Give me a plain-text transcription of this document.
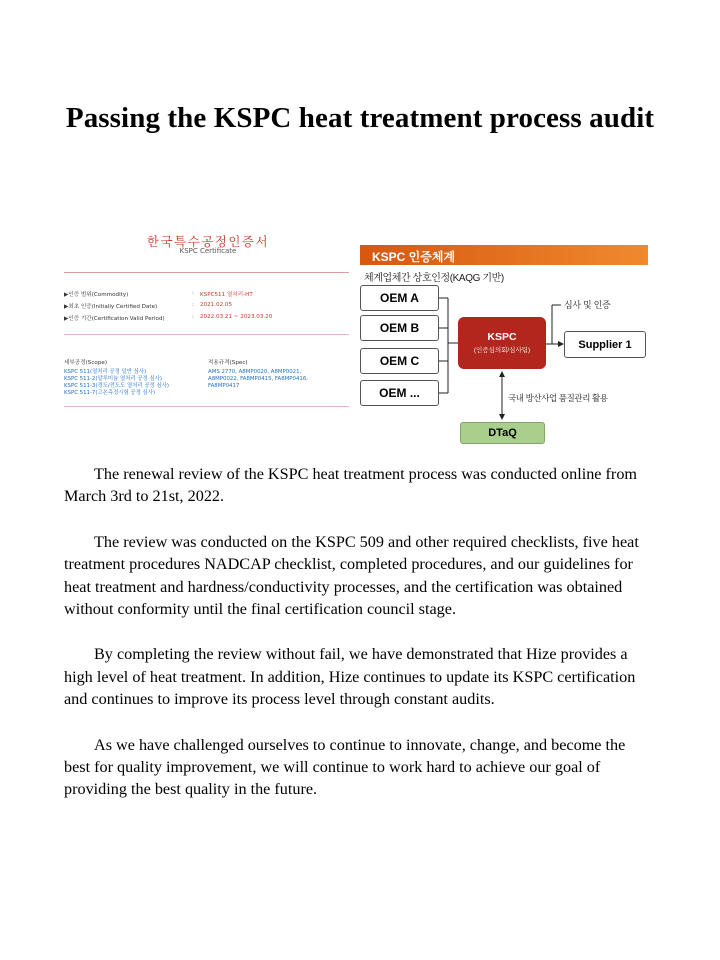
Passing the KSPC heat treatment process audit
한국특수공정인증서
KSPC Certificate
▶인증 범위(Commodity)	: KSPC511 열처리-HT
▶최초 인증(Initially Certified Date)	: 2021.02.05
▶인증 기간(Certification Valid Period)	: 2022.03.21 ~ 2023.03.20
세부공정(Scope)
KSPC 511(열처리 공정 일반 심사)
KSPC 511-2(알루미늄 열처리 공정 심사)
KSPC 511-3(경도/전도도 열처리 공정 심사)
KSPC 511-7(고온측정시험 공정 심사)
적용규격(Spec)
AMS 2770, A8MP0020, A8MP0021,
A8MP0022, FA8MP0415, FA8MP0416,
FA8MP0417
KSPC 인증체계
체계업체간 상호인정(KAQG 기반)
OEM A
OEM B
OEM C
OEM ...
KSPC
(인증심의회/심사팀)
심사 및 인증
Supplier 1
국내 방산사업 품질관리 활용
DTaQ

The renewal review of the KSPC heat treatment process was conducted online from March 3rd to 21st, 2022.

The review was conducted on the KSPC 509 and other required checklists, five heat treatment procedures NADCAP checklist, completed procedures, and our guidelines for heat treatment and hardness/conductivity processes, and the certification was obtained without conformity until the final certification council stage.

By completing the review without fail, we have demonstrated that Hize provides a high level of heat treatment. In addition, Hize continues to update its KSPC certification and continues to improve its process level through constant audits.

As we have challenged ourselves to continue to innovate, change, and become the best for quality improvement, we will continue to work hard to achieve our goal of providing the best quality in the future.
